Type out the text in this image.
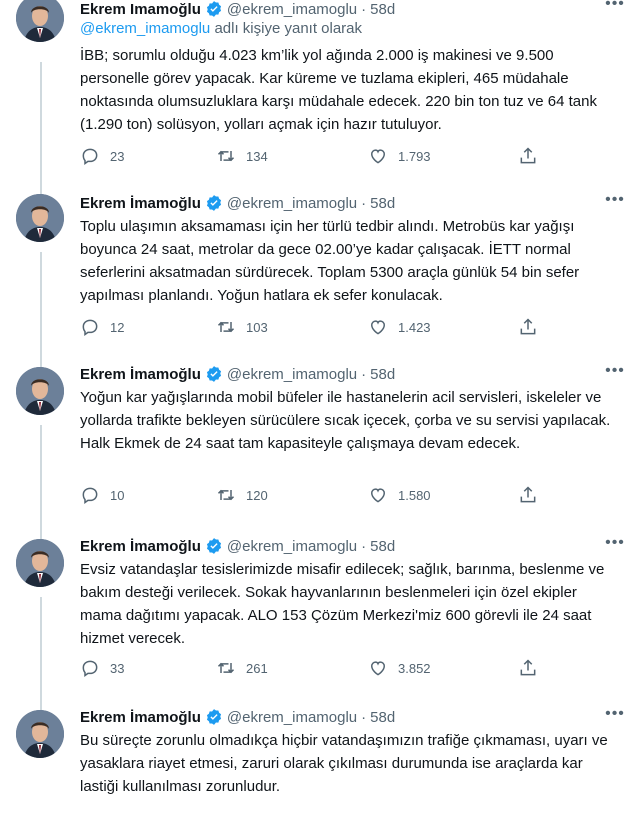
Ekrem Imamoğlu @ekrem_imamoglu · 58d	•••
@ekrem_imamoglu adlı kişiye yanıt olarak
İBB; sorumlu olduğu 4.023 km’lik yol ağında 2.000 iş makinesi ve 9.500 personelle görev yapacak. Kar küreme ve tuzlama ekipleri, 465 müdahale noktasında olumsuzluklara karşı müdahale edecek. 220 bin ton tuz ve 64 tank (1.290 ton) solüsyon, yolları açmak için hazır tutuluyor.
23	134	1.793
Ekrem İmamoğlu @ekrem_imamoglu · 58d	•••
Toplu ulaşımın aksamaması için her türlü tedbir alındı. Metrobüs kar yağışı boyunca 24 saat, metrolar da gece 02.00’ye kadar çalışacak. İETT normal seferlerini aksatmadan sürdürecek. Toplam 5300 araçla günlük 54 bin sefer yapılması planlandı. Yoğun hatlara ek sefer konulacak.
12	103	1.423
Ekrem İmamoğlu @ekrem_imamoglu · 58d	•••
Yoğun kar yağışlarında mobil büfeler ile hastanelerin acil servisleri, iskeleler ve yollarda trafikte bekleyen sürücülere sıcak içecek, çorba ve su servisi yapılacak. Halk Ekmek de 24 saat tam kapasiteyle çalışmaya devam edecek.
10	120	1.580
Ekrem İmamoğlu @ekrem_imamoglu · 58d	•••
Evsiz vatandaşlar tesislerimizde misafir edilecek; sağlık, barınma, beslenme ve bakım desteği verilecek. Sokak hayvanlarının beslenmeleri için özel ekipler mama dağıtımı yapacak. ALO 153 Çözüm Merkezi'miz 600 görevli ile 24 saat hizmet verecek.
33	261	3.852
Ekrem İmamoğlu @ekrem_imamoglu · 58d	•••
Bu süreçte zorunlu olmadıkça hiçbir vatandaşımızın trafiğe çıkmaması, uyarı ve yasaklara riayet etmesi, zaruri olarak çıkılması durumunda ise araçlarda kar lastiği kullanılması zorunludur.
